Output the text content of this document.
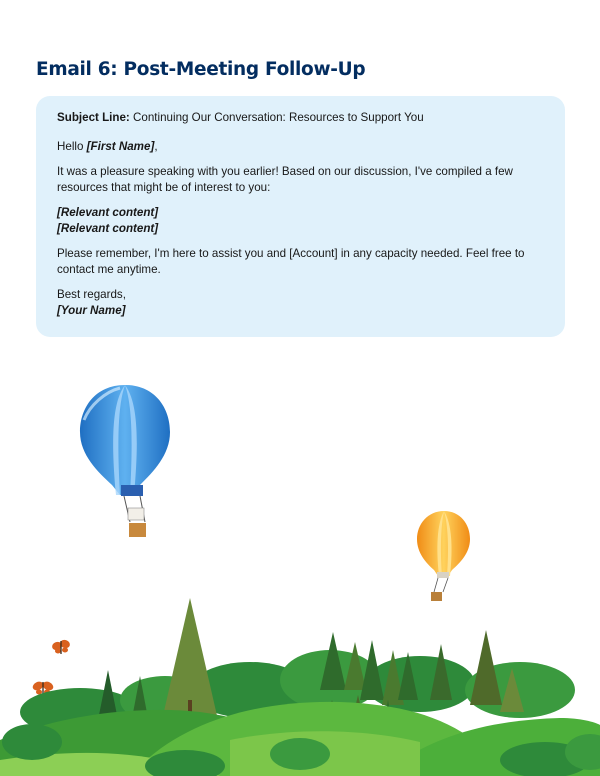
Email 6: Post-Meeting Follow-Up

Subject Line: Continuing Our Conversation: Resources to Support You

Hello [First Name],

It was a pleasure speaking with you earlier! Based on our discussion, I've compiled a few resources that might be of interest to you:

[Relevant content]

[Relevant content]

Please remember, I'm here to assist you and [Account] in any capacity needed. Feel free to contact me anytime.

Best regards,

[Your Name]
